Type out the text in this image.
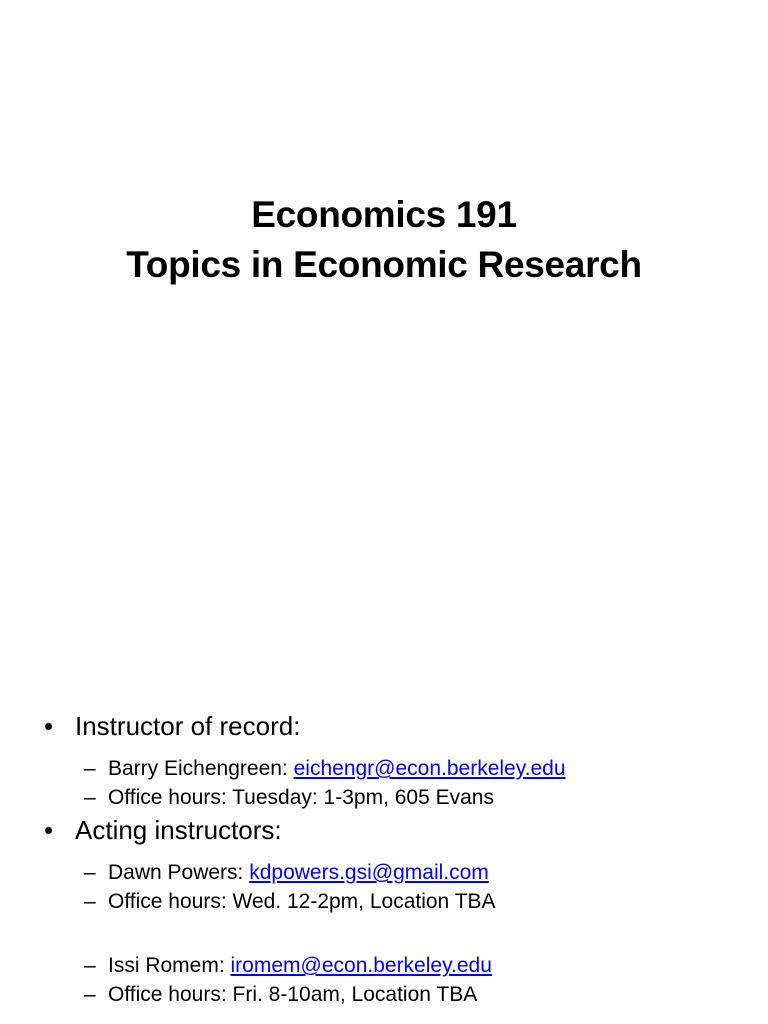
Economics 191
Topics in Economic Research
• Instructor of record:
– Barry Eichengreen: eichengr@econ.berkeley.edu
– Office hours: Tuesday: 1-3pm, 605 Evans
• Acting instructors:
– Dawn Powers: kdpowers.gsi@gmail.com
– Office hours: Wed. 12-2pm, Location TBA
– Issi Romem: iromem@econ.berkeley.edu
– Office hours: Fri. 8-10am, Location TBA
